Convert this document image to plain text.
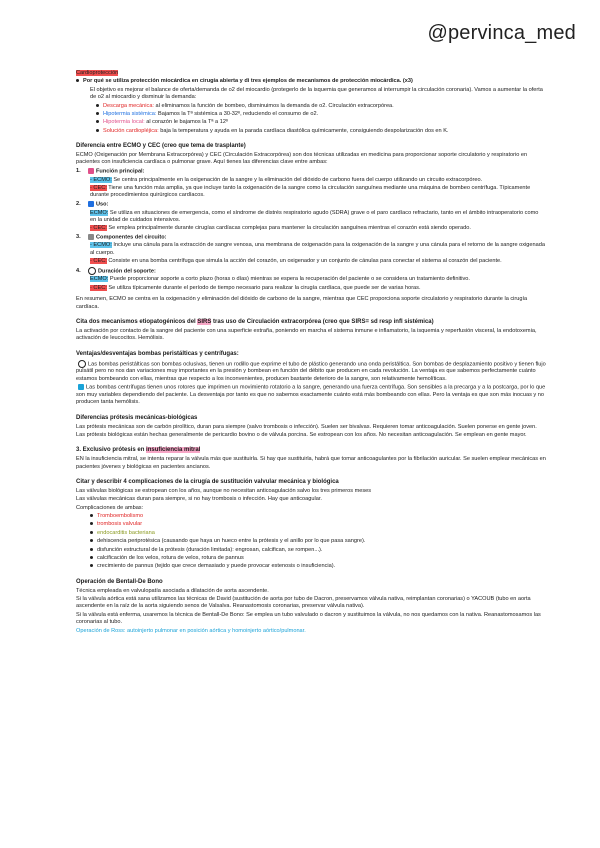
@pervinca_med

Cardioprotección

Por qué se utiliza protección miocárdica en cirugía abierta y di tres ejemplos de mecanismos de protección miocárdica. (x3)

El objetivo es mejorar el balance de oferta/demanda de o2 del miocardio (protegerlo de la isquemia que generamos al interrumpir la circulación coronaria). Vamos a aumentar la oferta de o2 al miocardio y disminuir la demanda:

Descarga mecánica: al eliminamos la función de bombeo, disminuimos la demanda de o2. Circulación extracorpórea.

Hipotermia sistémica: Bajamos la Tª sistémica a 30-32º, reduciendo el consumo de o2.

Hipotermia local: al corazón le bajamos la Tª a 12º

Solución cardiopléjica: baja la temperatura y ayuda en la parada cardíaca diastólica químicamente, consiguiendo despolarización dos en K.

Diferencia entre ECMO y CEC (creo que tema de trasplante)

ECMO (Oxigenación por Membrana Extracorpórea) y CEC (Circulación Extracorpórea) son dos técnicas utilizadas en medicina para proporcionar soporte circulatorio y respiratorio en pacientes con insuficiencia cardíaca o pulmonar grave. Aquí tienes las diferencias clave entre ambas:

1.	Función principal:

- ECMO: Se centra principalmente en la oxigenación de la sangre y la eliminación del dióxido de carbono fuera del cuerpo utilizando un circuito extracorpóreo.

- CEC: Tiene una función más amplia, ya que incluye tanto la oxigenación de la sangre como la circulación sanguínea mediante una máquina de bombeo centrífuga. Típicamente durante procedimientos quirúrgicos cardíacos.

2.	Uso:

ECMO: Se utiliza en situaciones de emergencia, como el síndrome de distrés respiratorio agudo (SDRA) grave o el paro cardíaco refractario, tanto en el ámbito intraoperatorio como en la unidad de cuidados intensivos.

- CEC: Se emplea principalmente durante cirugías cardíacas complejas para mantener la circulación sanguínea mientras el corazón está siendo operado.

3.	Componentes del circuito:

- ECMO: Incluye una cánula para la extracción de sangre venosa, una membrana de oxigenación para la oxigenación de la sangre y una cánula para el retorno de la sangre oxigenada al cuerpo.

- CEC: Consiste en una bomba centrífuga que simula la acción del corazón, un oxigenador y un conjunto de cánulas para conectar el sistema al corazón del paciente.

4.	Duración del soporte:

ECMO: Puede proporcionar soporte a corto plazo (horas o días) mientras se espera la recuperación del paciente o se considera un tratamiento definitivo.

- CEC: Se utiliza típicamente durante el período de tiempo necesario para realizar la cirugía cardíaca, que puede ser de varias horas.

En resumen, ECMO se centra en la oxigenación y eliminación del dióxido de carbono de la sangre, mientras que CEC proporciona soporte circulatorio y respiratorio durante la cirugía cardíaca.

Cita dos mecanismos etiopatogénicos del SIRS tras uso de Circulación extracorpórea (creo que SIRS= sd resp infl sistémica)

La activación por contacto de la sangre del paciente con una superficie extraña, poniendo en marcha el sistema inmune e inflamatorio, la isquemia y reperfusión visceral, la endotoxemia, activación de leucocitos. Hemólisis.

Ventajas/desventajas bombas peristálticas y centrífugas:

Las bombas peristálticas son bombas oclusivas, tienen un rodillo que exprime el tubo de plástico generando una onda peristáltica. Son bombas de desplazamiento positivo y tienen flujo pulsátil pero no nos dan variaciones muy importantes en la presión y bombean en función del débito que producen en cada revolución. La ventaja es que sabemos perfectamente cuánto estamos bombeando con ellas, mientras que respecto a los inconvenientes, producen bastante deterioro de la sangre, son relativamente hemolíticas.

Las bombas centrífugas tienen unos rotores que imprimen un movimiento rotatorio a la sangre, generando una fuerza centrífuga. Son sensibles a la precarga y a la postcarga, por lo que son muy variables dependiendo del paciente. La desventaja por tanto es que no sabemos exactamente cuánto está más bombeando con ellas. Pero la ventaja es que son más inocuas y no producen tanta hemólisis.

Diferencias prótesis mecánicas-biológicas

Las prótesis mecánicas son de carbón pirolítico, duran para siempre (salvo trombosis o infección). Suelen ser bivalvas. Requieren tomar anticoagulación. Suelen ponerse en gente joven.

Las prótesis biológicas están hechas generalmente de pericardio bovino o de válvula porcina. Se estropean con los años. No necesitan anticoagulación. Se emplean en gente mayor.

3. Exclusivo prótesis en insuficiencia mitral

EN la insuficiencia mitral, se intenta reparar la válvula más que sustituirla. Si hay que sustituirla, habrá que tomar anticoagulantes por la fibrilación auricular. Se suelen emplear mecánicas en pacientes jóvenes y biológicas en pacientes ancianos.

Citar y describir 4 complicaciones de la cirugía de sustitución valvular mecánica y biológica

Las válvulas biológicas se estropean con los años, aunque no necesitan anticoagulación salvo los tres primeros meses

Las válvulas mecánicas duran para siempre, si no hay trombosis o infección. Hay que anticoagular.

Complicaciones de ambas:

Tromboembolismo

trombosis valvular

endocarditis bacteriana

dehiscencia periprotésica (causando que haya un hueco entre la prótesis y el anillo por lo que pasa sangre).

disfunción estructural de la prótesis (duración limitada): engrosan, calcifican, se rompen...).

calcificación de los velos, rotura de velos, rotura de pannus

crecimiento de pannus (tejido que crece demasiado y puede provocar estenosis o insuficiencia).

Operación de Bentall-De Bono

Técnica empleada en valvulopatía asociada a dilatación de aorta ascendente.

Si la válvula aórtica está sana utilizamos las técnicas de David (sustitución de aorta por tubo de Dacron, preservamos válvula nativa, reimplantan coronarias) o YACOUB (tubo en aorta ascendente en la raíz de la aorta siguiendo senos de Valsalva. Reanastomosis coronarias, preservar válvula nativa).

Si la válvula está enferma, usaremos la técnica de Bentall-De Bono: Se emplea un tubo valvulado o dacron y sustituimos la válvula, no nos quedamos con la nativa. Reanastomosamos las coronarias al tubo.

Operación de Ross: autoinjerto pulmonar en posición aórtica y homoinjerto aórtico/pulmonar.
